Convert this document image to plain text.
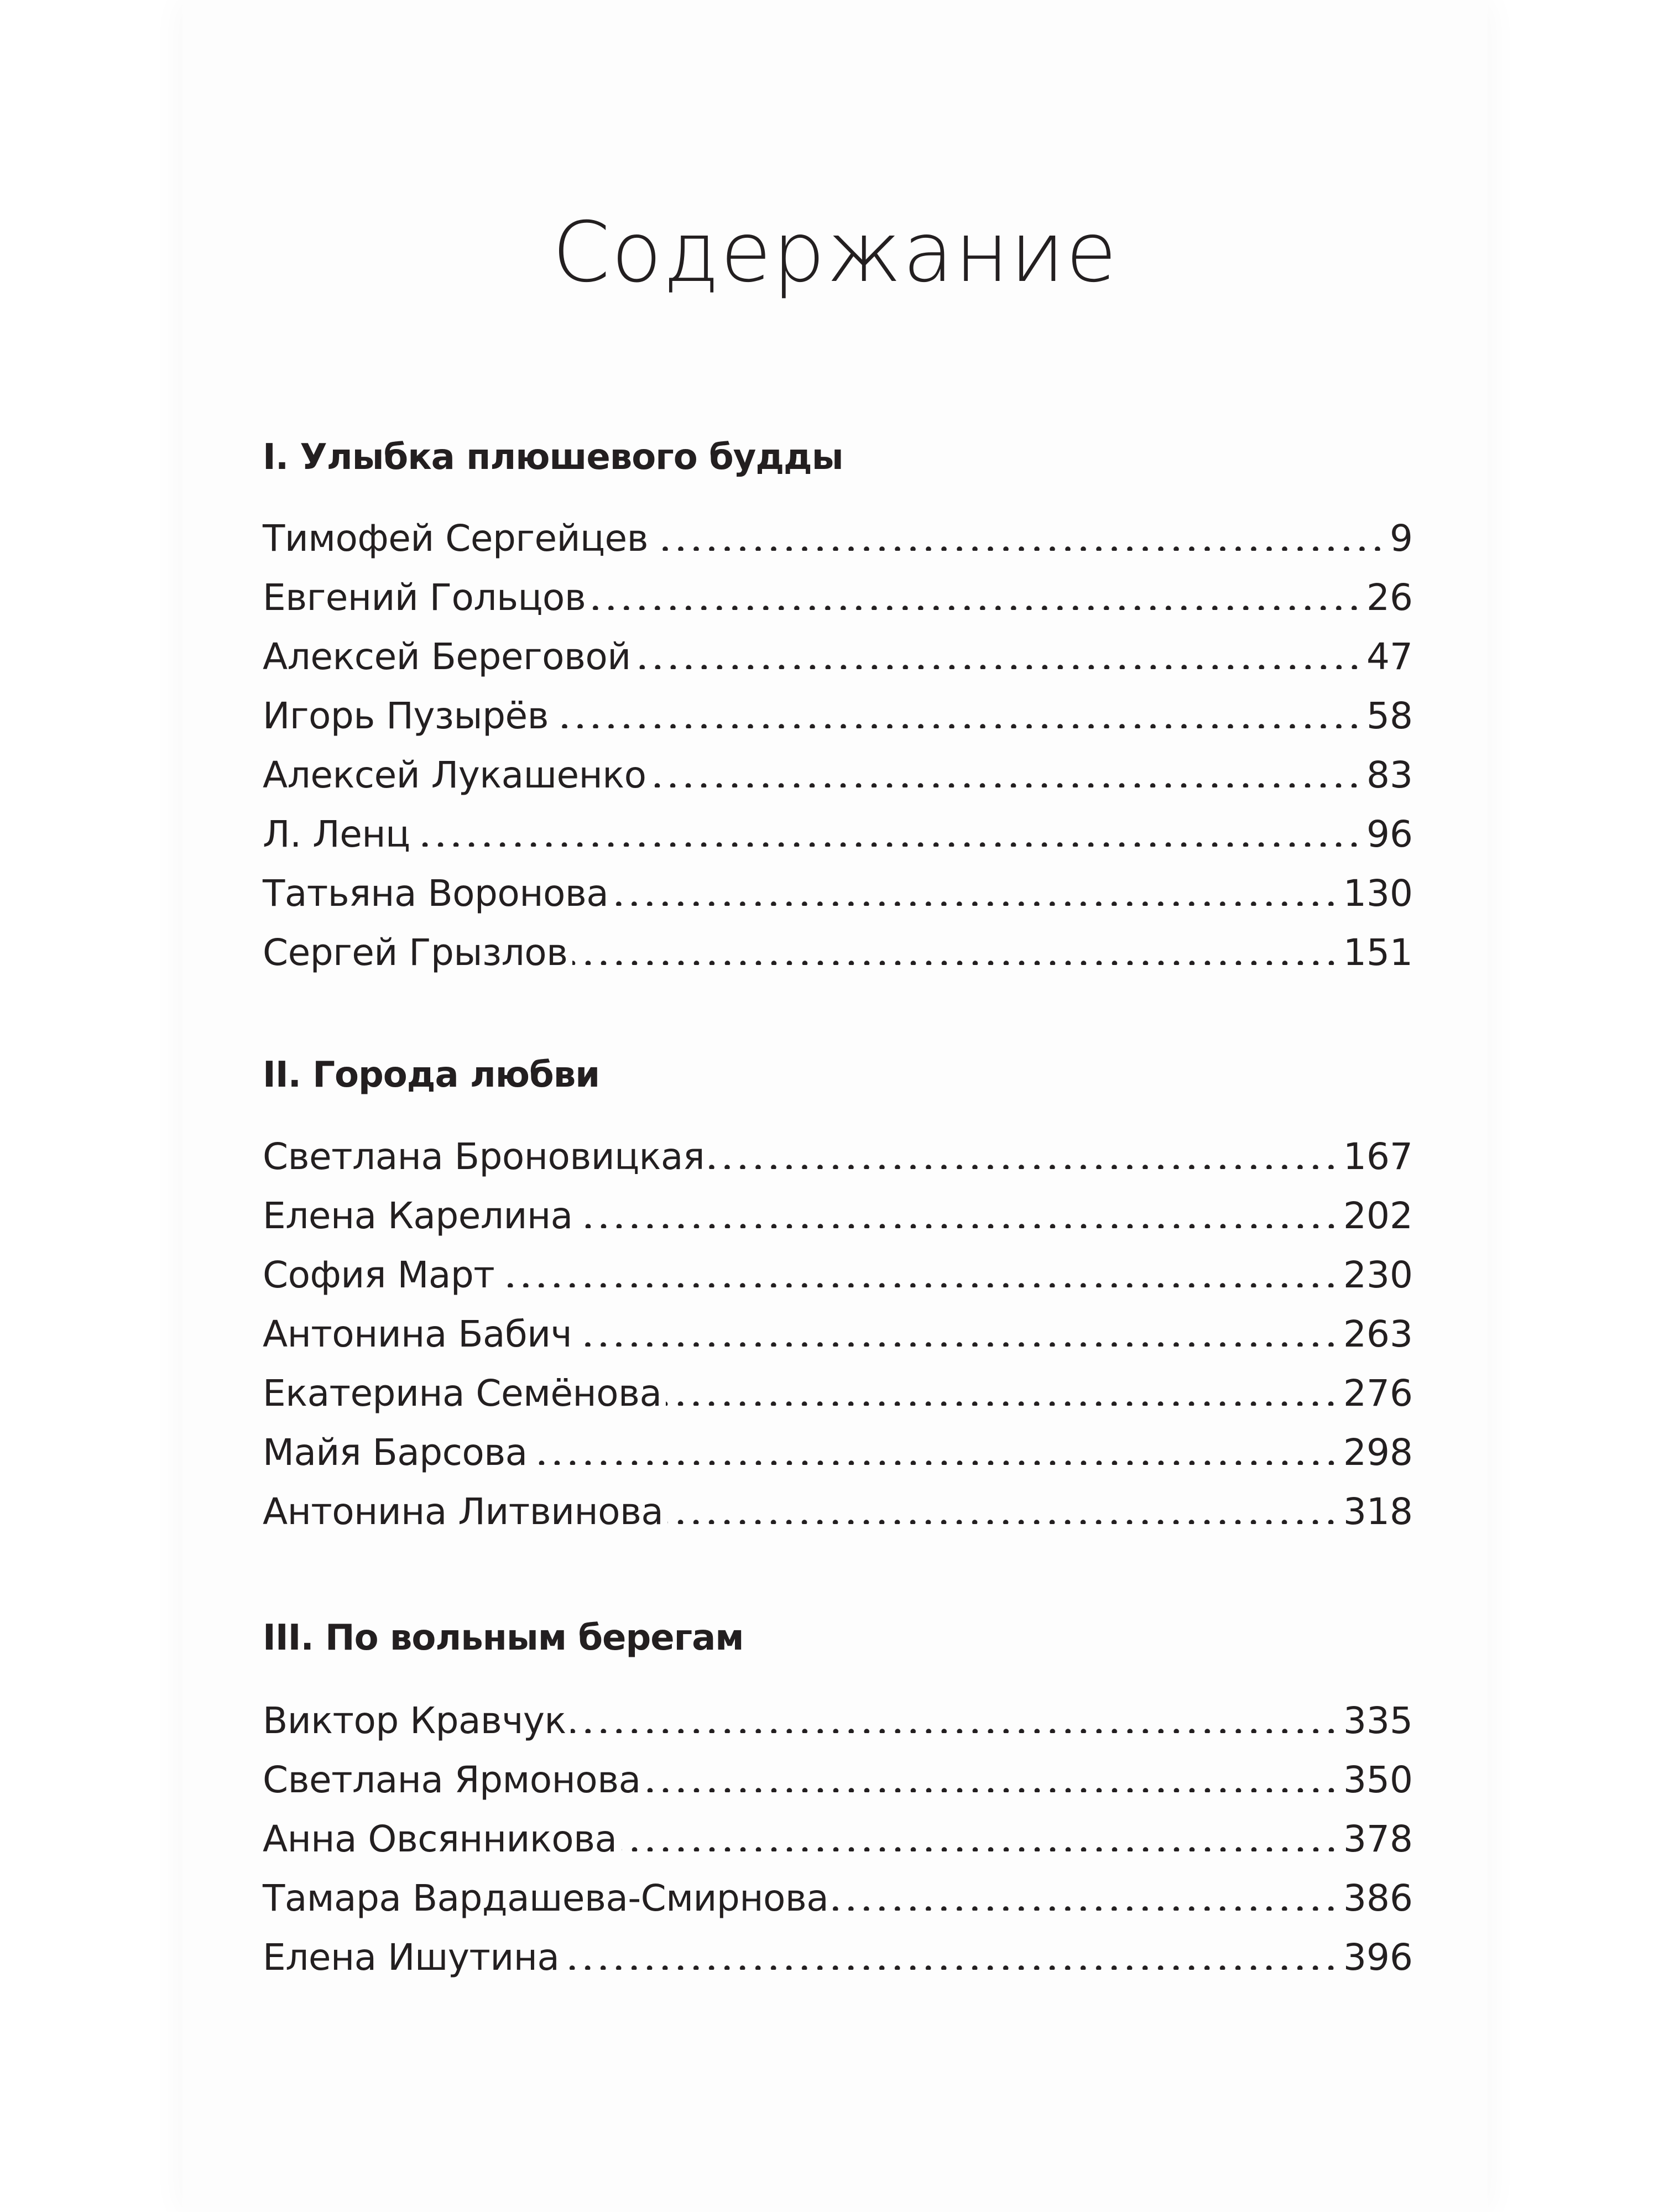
Содержание
I. Улыбка плюшевого будды
Тимофей Сергейцев	9
Евгений Гольцов	26
Алексей Береговой	47
Игорь Пузырёв	58
Алексей Лукашенко	83
Л. Ленц	96
Татьяна Воронова	130
Сергей Грызлов	151
II. Города любви
Светлана Броновицкая	167
Елена Карелина	202
София Март	230
Антонина Бабич	263
Екатерина Семёнова	276
Майя Барсова	298
Антонина Литвинова	318
III. По вольным берегам
Виктор Кравчук	335
Светлана Ярмонова	350
Анна Овсянникова	378
Тамара Вардашева-Смирнова	386
Елена Ишутина	396
